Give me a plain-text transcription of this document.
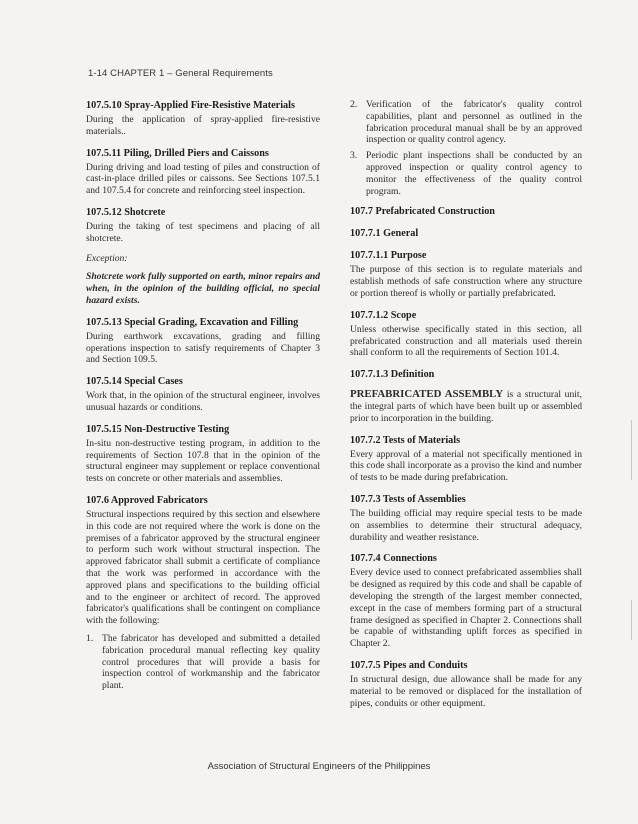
1-14 CHAPTER 1 – General Requirements
107.5.10 Spray-Applied Fire-Resistive Materials

During the application of spray-applied fire-resistive materials..

107.5.11 Piling, Drilled Piers and Caissons

During driving and load testing of piles and construction of cast-in-place drilled piles or caissons. See Sections 107.5.1 and 107.5.4 for concrete and reinforcing steel inspection.

107.5.12 Shotcrete

During the taking of test specimens and placing of all shotcrete.

Exception:

Shotcrete work fully supported on earth, minor repairs and when, in the opinion of the building official, no special hazard exists.

107.5.13 Special Grading, Excavation and Filling

During earthwork excavations, grading and filling operations inspection to satisfy requirements of Chapter 3 and Section 109.5.

107.5.14 Special Cases

Work that, in the opinion of the structural engineer, involves unusual hazards or conditions.

107.5.15 Non-Destructive Testing

In-situ non-destructive testing program, in addition to the requirements of Section 107.8 that in the opinion of the structural engineer may supplement or replace conventional tests on concrete or other materials and assemblies.

107.6 Approved Fabricators

Structural inspections required by this section and elsewhere in this code are not required where the work is done on the premises of a fabricator approved by the structural engineer to perform such work without structural inspection. The approved fabricator shall submit a certificate of compliance that the work was performed in accordance with the approved plans and specifications to the building official and to the engineer or architect of record. The approved fabricator's qualifications shall be contingent on compliance with the following:

1. The fabricator has developed and submitted a detailed fabrication procedural manual reflecting key quality control procedures that will provide a basis for inspection control of workmanship and the fabricator plant.
2. Verification of the fabricator's quality control capabilities, plant and personnel as outlined in the fabrication procedural manual shall be by an approved inspection or quality control agency.
3. Periodic plant inspections shall be conducted by an approved inspection or quality control agency to monitor the effectiveness of the quality control program.
107.7 Prefabricated Construction
107.7.1 General
107.7.1.1 Purpose

The purpose of this section is to regulate materials and establish methods of safe construction where any structure or portion thereof is wholly or partially prefabricated.

107.7.1.2 Scope

Unless otherwise specifically stated in this section, all prefabricated construction and all materials used therein shall conform to all the requirements of Section 101.4.

107.7.1.3 Definition

PREFABRICATED ASSEMBLY is a structural unit, the integral parts of which have been built up or assembled prior to incorporation in the building.

107.7.2 Tests of Materials

Every approval of a material not specifically mentioned in this code shall incorporate as a proviso the kind and number of tests to be made during prefabrication.

107.7.3 Tests of Assemblies

The building official may require special tests to be made on assemblies to determine their structural adequacy, durability and weather resistance.

107.7.4 Connections

Every device used to connect prefabricated assemblies shall be designed as required by this code and shall be capable of developing the strength of the largest member connected, except in the case of members forming part of a structural frame designed as specified in Chapter 2. Connections shall be capable of withstanding uplift forces as specified in Chapter 2.

107.7.5 Pipes and Conduits

In structural design, due allowance shall be made for any material to be removed or displaced for the installation of pipes, conduits or other equipment.

Association of Structural Engineers of the Philippines
